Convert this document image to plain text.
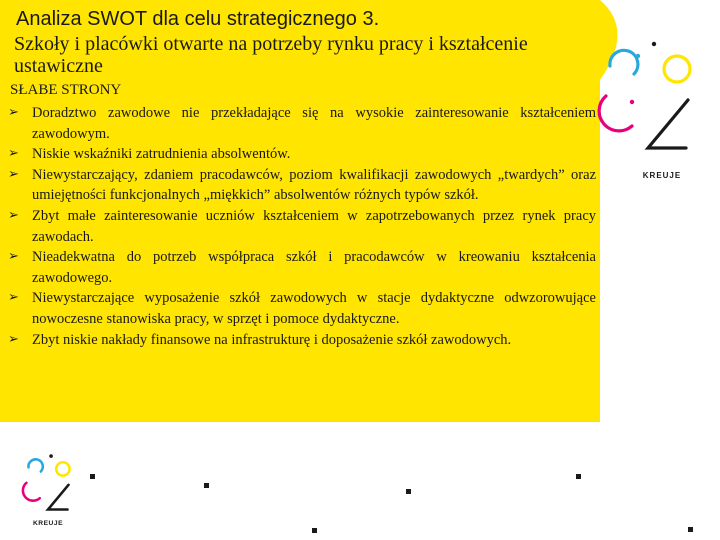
Analiza SWOT dla celu strategicznego 3.
Szkoły i placówki otwarte na potrzeby rynku pracy i kształcenie ustawiczne
SŁABE STRONY
➢ Doradztwo zawodowe nie przekładające się na wysokie zainteresowanie kształceniem zawodowym.
➢ Niskie wskaźniki zatrudnienia absolwentów.
➢ Niewystarczający, zdaniem pracodawców, poziom kwalifikacji zawodowych „twardych” oraz umiejętności funkcjonalnych „miękkich” absolwentów różnych typów szkół.
➢ Zbyt małe zainteresowanie uczniów kształceniem w zapotrzebowanych przez rynek pracy zawodach.
➢ Nieadekwatna do potrzeb współpraca szkół i pracodawców w kreowaniu kształcenia zawodowego.
➢ Niewystarczające wyposażenie szkół zawodowych w stacje dydaktyczne odwzorowujące nowoczesne stanowiska pracy, w sprzęt i pomoce dydaktyczne.
➢ Zbyt niskie nakłady finansowe na infrastrukturę i doposażenie szkół zawodowych.
KREUJE
KREUJE
